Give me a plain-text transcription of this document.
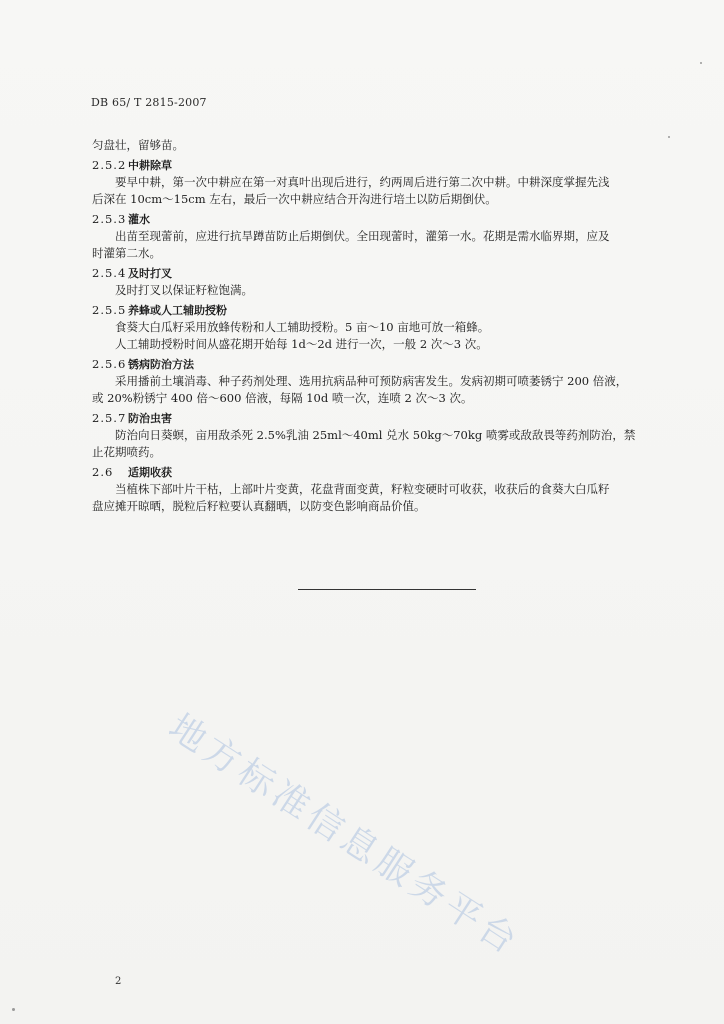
DB 65/ T 2815-2007
匀盘壮，留够苗。
2.5.2 中耕除草
要早中耕，第一次中耕应在第一对真叶出现后进行，约两周后进行第二次中耕。中耕深度掌握先浅
后深在 10cm～15cm 左右，最后一次中耕应结合开沟进行培土以防后期倒伏。
2.5.3 灌水
出苗至现蕾前，应进行抗旱蹲苗防止后期倒伏。全田现蕾时，灌第一水。花期是需水临界期，应及
时灌第二水。
2.5.4 及时打叉
及时打叉以保证籽粒饱满。
2.5.5 养蜂或人工辅助授粉
食葵大白瓜籽采用放蜂传粉和人工辅助授粉。5 亩～10 亩地可放一箱蜂。
人工辅助授粉时间从盛花期开始每 1d～2d 进行一次，一般 2 次～3 次。
2.5.6 锈病防治方法
采用播前土壤消毒、种子药剂处理、选用抗病品种可预防病害发生。发病初期可喷萎锈宁 200 倍液，
或 20%粉锈宁 400 倍～600 倍液，每隔 10d 喷一次，连喷 2 次～3 次。
2.5.7 防治虫害
防治向日葵螟，亩用敌杀死 2.5%乳油 25ml～40ml 兑水 50kg～70kg 喷雾或敌敌畏等药剂防治，禁
止花期喷药。
2.6 适期收获
当植株下部叶片干枯，上部叶片变黄，花盘背面变黄，籽粒变硬时可收获，收获后的食葵大白瓜籽
盘应摊开晾晒，脱粒后籽粒要认真翻晒，以防变色影响商品价值。
地方标准信息服务平台
2
